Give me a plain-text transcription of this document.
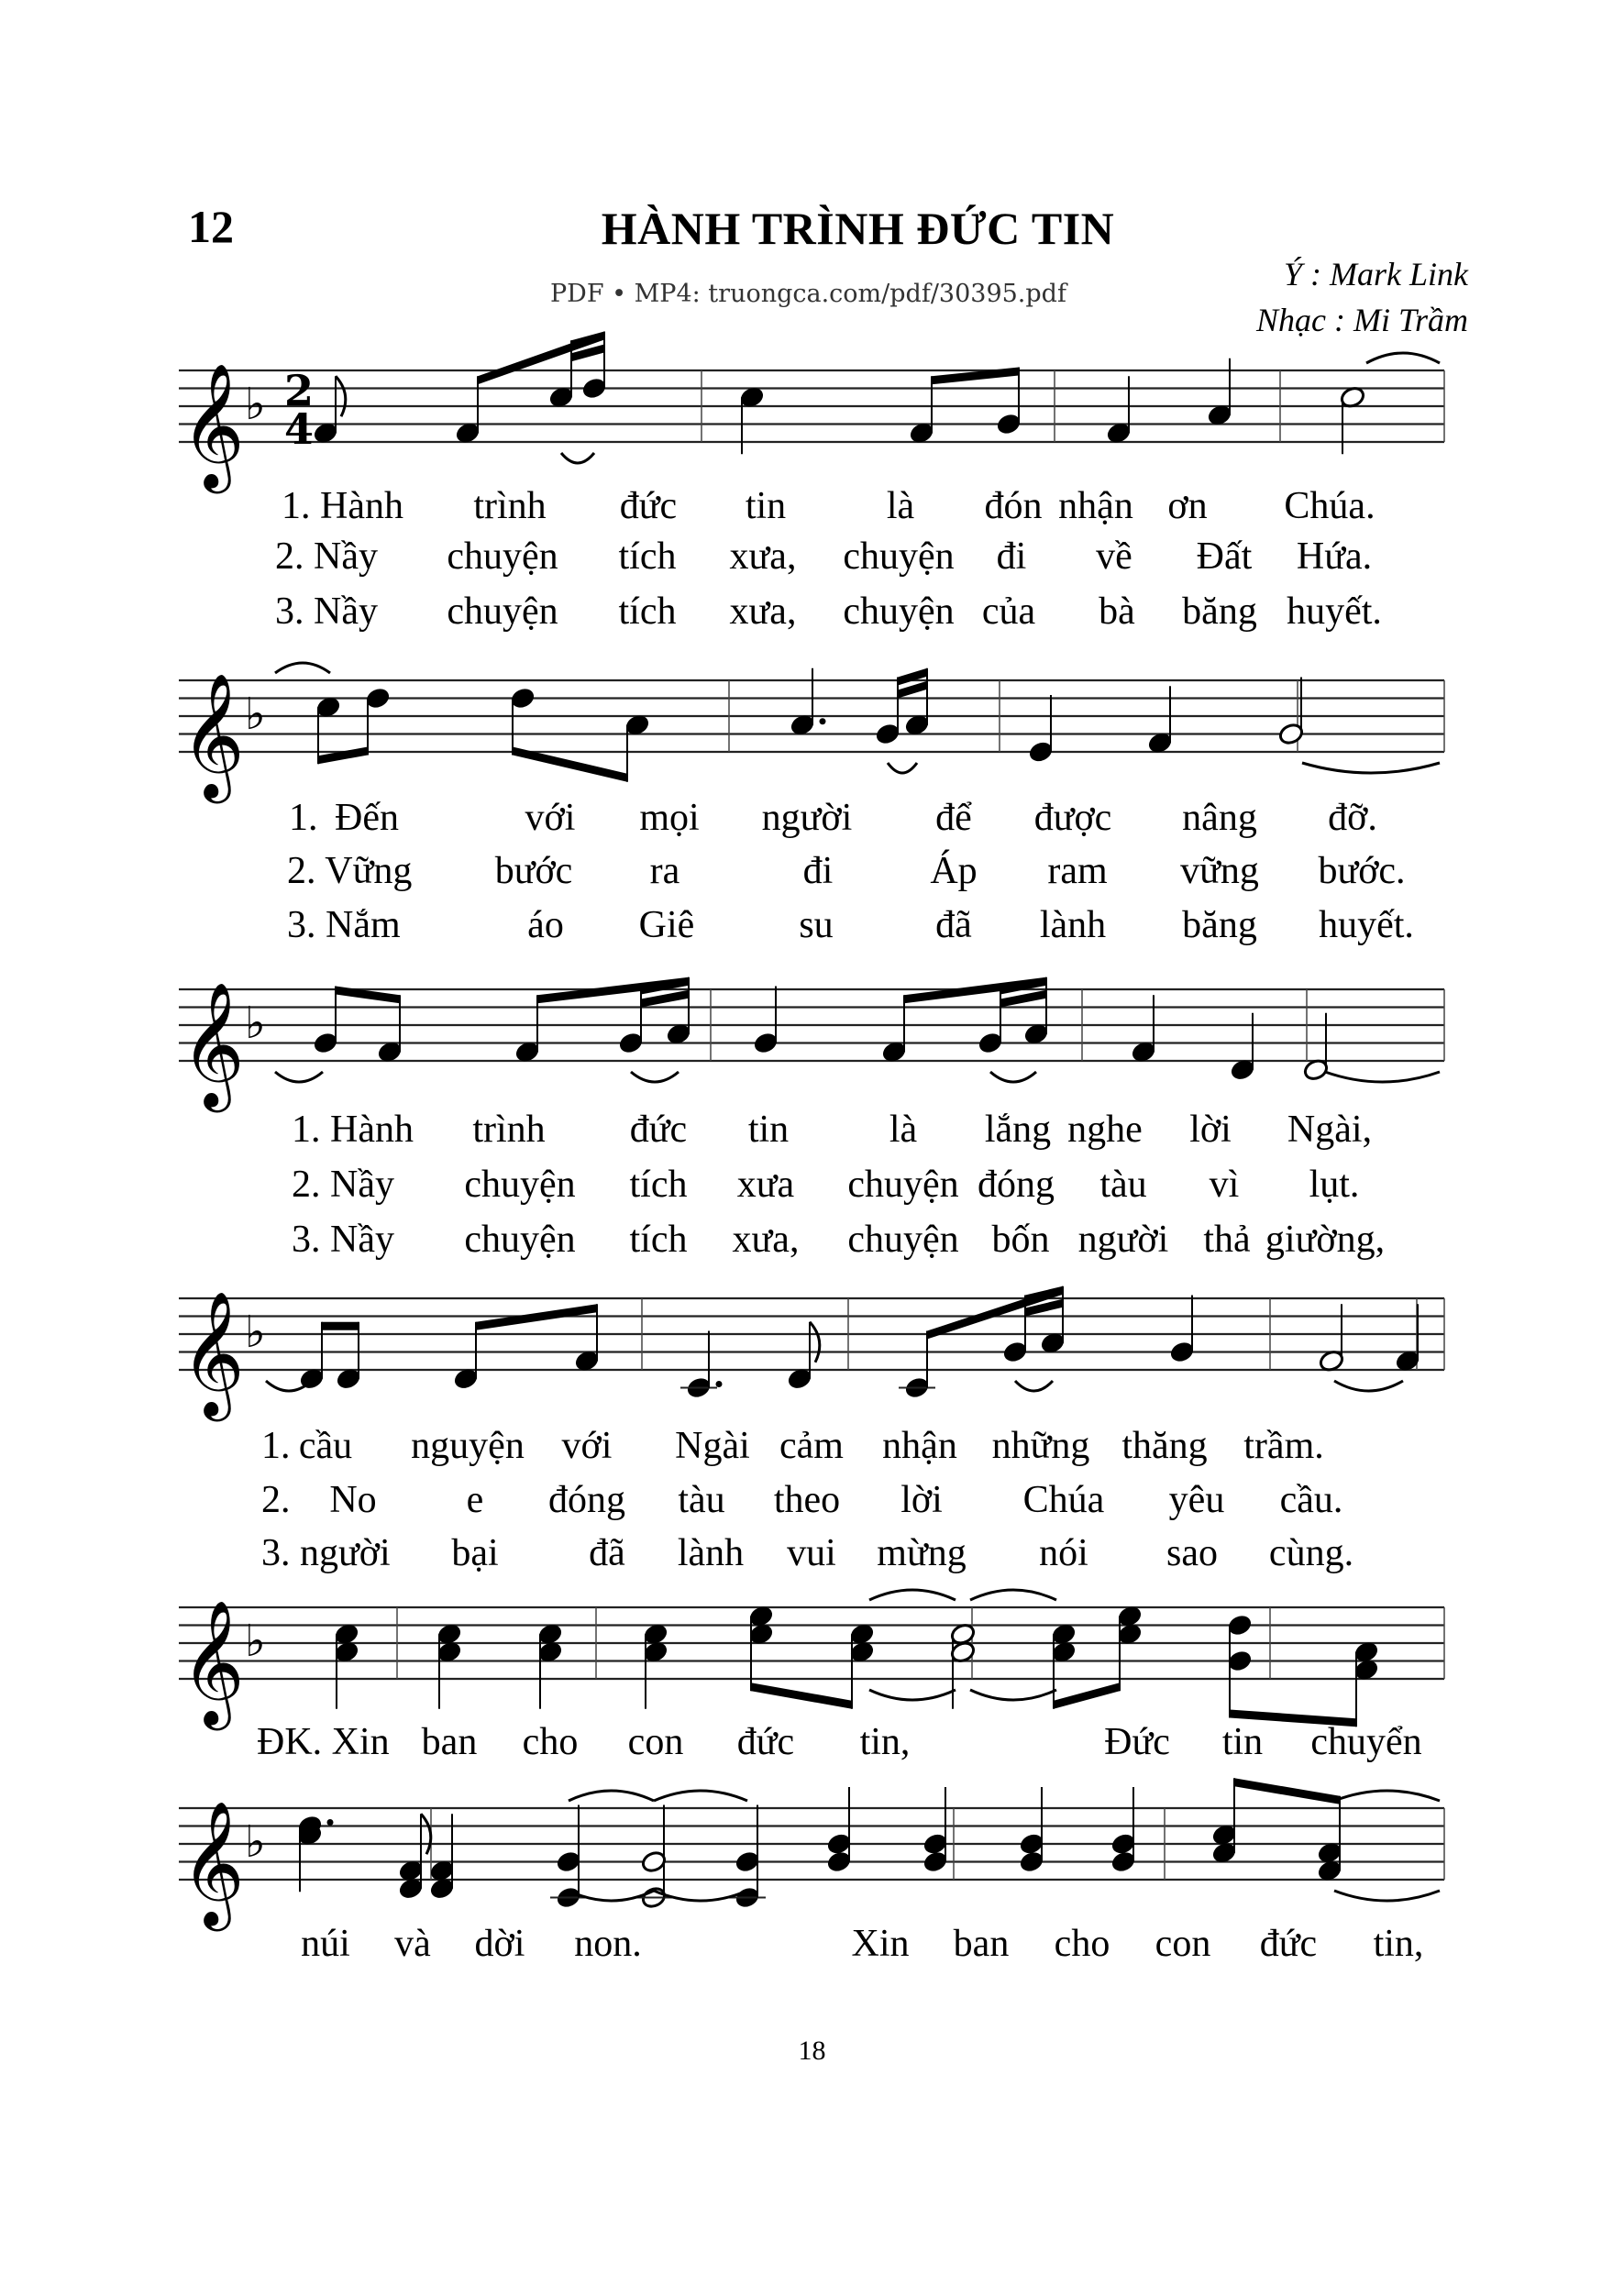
12	HÀNH TRÌNH ĐỨC TIN
PDF • MP4: truongca.com/pdf/30395.pdf
Ý : Mark Link
Nhạc : Mi Trầm
𝄞 ♭ 2
4
𝄞 ♭
𝄞 ♭
𝄞 ♭
𝄞 ♭
𝄞 ♭
1. Hành trình đức tin	là đón nhận ơn Chúa.
2. Nầy chuyện tích xưa, chuyện đi về Đất Hứa.
3. Nầy chuyện tích xưa, chuyện của bà băng huyết.
1. Đến	với mọi người để được nâng đỡ.
2. Vững bước ra	đi	Áp ram vững bước.
3. Nắm	áo Giê	su	đã lành băng huyết.
1. Hành trình đức tin	là lắng nghe lời Ngài,
2. Nầy chuyện tích xưa chuyện đóng tàu vì lụt.
3. Nầy chuyện tích xưa, chuyện bốn người thả giường,
1. cầu nguyện với Ngài cảm nhận những thăng trầm.
2. No e đóng tàu theo lời Chúa yêu cầu.
3. người bại đã lành vui mừng nói sao cùng.
ĐK. Xin ban cho con đức tin,	Đức tin chuyển
núi và dời non.	Xin ban cho con đức tin,
18
